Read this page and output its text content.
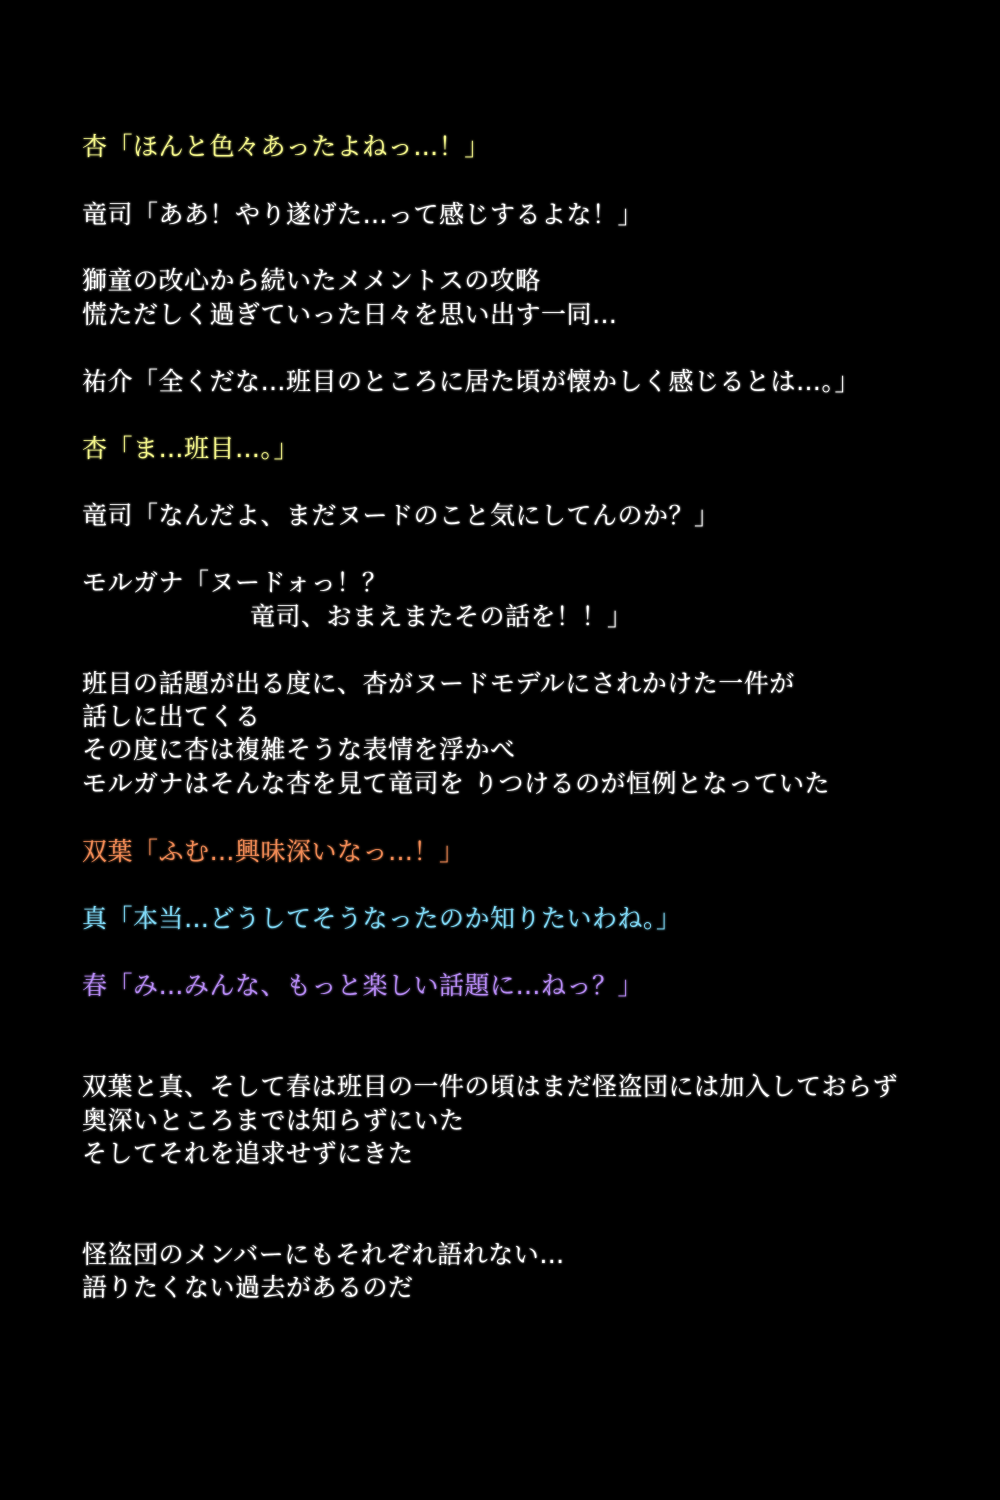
杏「ほんと色々あったよねっ…！」
竜司「ああ！やり遂げた…って感じするよな！」
獅童の改心から続いたメメントスの攻略
慌ただしく過ぎていった日々を思い出す一同…
祐介「全くだな…班目のところに居た頃が懐かしく感じるとは…。」
杏「ま…班目…。」
竜司「なんだよ、まだヌードのこと気にしてんのか？」
モルガナ「ヌードォっ！？
竜司、おまえまたその話を！！」
班目の話題が出る度に、杏がヌードモデルにされかけた一件が
話しに出てくる
その度に杏は複雑そうな表情を浮かべ
モルガナはそんな杏を見て竜司を りつけるのが恒例となっていた
双葉「ふむ…興味深いなっ…！」
真「本当…どうしてそうなったのか知りたいわね。」
春「み…みんな、もっと楽しい話題に…ねっ？」
双葉と真、そして春は班目の一件の頃はまだ怪盗団には加入しておらず
奥深いところまでは知らずにいた
そしてそれを追求せずにきた
怪盗団のメンバーにもそれぞれ語れない…
語りたくない過去があるのだ
